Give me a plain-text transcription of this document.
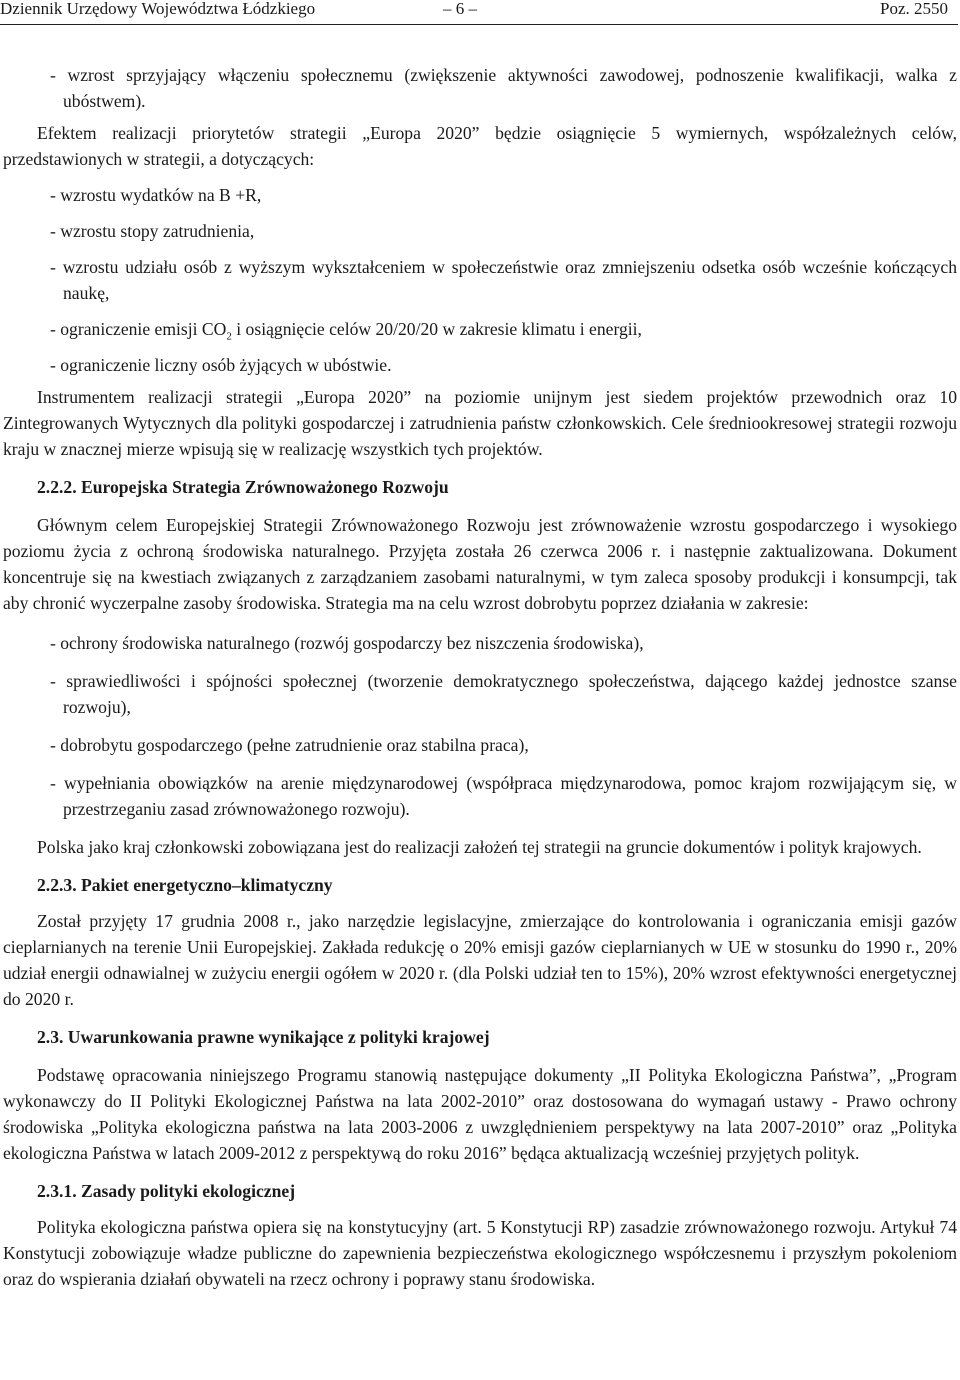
Dziennik Urzędowy Województwa Łódzkiego	– 6 –	Poz. 2550

- wzrost sprzyjający włączeniu społecznemu (zwiększenie aktywności zawodowej, podnoszenie kwalifikacji, walka z ubóstwem).

Efektem realizacji priorytetów strategii „Europa 2020” będzie osiągnięcie 5 wymiernych, współzależnych celów, przedstawionych w strategii, a dotyczących:

- wzrostu wydatków na B +R,

- wzrostu stopy zatrudnienia,

- wzrostu udziału osób z wyższym wykształceniem w społeczeństwie oraz zmniejszeniu odsetka osób wcześnie kończących naukę,

- ograniczenie emisji $CO_2$ i osiągnięcie celów 20/20/20 w zakresie klimatu i energii,

- ograniczenie liczny osób żyjących w ubóstwie.

Instrumentem realizacji strategii „Europa 2020” na poziomie unijnym jest siedem projektów przewodnich oraz 10 Zintegrowanych Wytycznych dla polityki gospodarczej i zatrudnienia państw członkowskich. Cele średniookresowej strategii rozwoju kraju w znacznej mierze wpisują się w realizację wszystkich tych projektów.

2.2.2. Europejska Strategia Zrównoważonego Rozwoju

Głównym celem Europejskiej Strategii Zrównoważonego Rozwoju jest zrównoważenie wzrostu gospodarczego i wysokiego poziomu życia z ochroną środowiska naturalnego. Przyjęta została 26 czerwca 2006 r. i następnie zaktualizowana. Dokument koncentruje się na kwestiach związanych z zarządzaniem zasobami naturalnymi, w tym zaleca sposoby produkcji i konsumpcji, tak aby chronić wyczerpalne zasoby środowiska. Strategia ma na celu wzrost dobrobytu poprzez działania w zakresie:

- ochrony środowiska naturalnego (rozwój gospodarczy bez niszczenia środowiska),

- sprawiedliwości i spójności społecznej (tworzenie demokratycznego społeczeństwa, dającego każdej jednostce szanse rozwoju),

- dobrobytu gospodarczego (pełne zatrudnienie oraz stabilna praca),

- wypełniania obowiązków na arenie międzynarodowej (współpraca międzynarodowa, pomoc krajom rozwijającym się, w przestrzeganiu zasad zrównoważonego rozwoju).

Polska jako kraj członkowski zobowiązana jest do realizacji założeń tej strategii na gruncie dokumentów i polityk krajowych.

2.2.3. Pakiet energetyczno–klimatyczny

Został przyjęty 17 grudnia 2008 r., jako narzędzie legislacyjne, zmierzające do kontrolowania i ograniczania emisji gazów cieplarnianych na terenie Unii Europejskiej. Zakłada redukcję o 20% emisji gazów cieplarnianych w UE w stosunku do 1990 r., 20% udział energii odnawialnej w zużyciu energii ogółem w 2020 r. (dla Polski udział ten to 15%), 20% wzrost efektywności energetycznej do 2020 r.

2.3. Uwarunkowania prawne wynikające z polityki krajowej

Podstawę opracowania niniejszego Programu stanowią następujące dokumenty „II Polityka Ekologiczna Państwa”, „Program wykonawczy do II Polityki Ekologicznej Państwa na lata 2002-2010” oraz dostosowana do wymagań ustawy - Prawo ochrony środowiska „Polityka ekologiczna państwa na lata 2003-2006 z uwzględnieniem perspektywy na lata 2007-2010” oraz „Polityka ekologiczna Państwa w latach 2009-2012 z perspektywą do roku 2016” będąca aktualizacją wcześniej przyjętych polityk.

2.3.1. Zasady polityki ekologicznej

Polityka ekologiczna państwa opiera się na konstytucyjny (art. 5 Konstytucji RP) zasadzie zrównoważonego rozwoju. Artykuł 74 Konstytucji zobowiązuje władze publiczne do zapewnienia bezpieczeństwa ekologicznego współczesnemu i przyszłym pokoleniom oraz do wspierania działań obywateli na rzecz ochrony i poprawy stanu środowiska.
